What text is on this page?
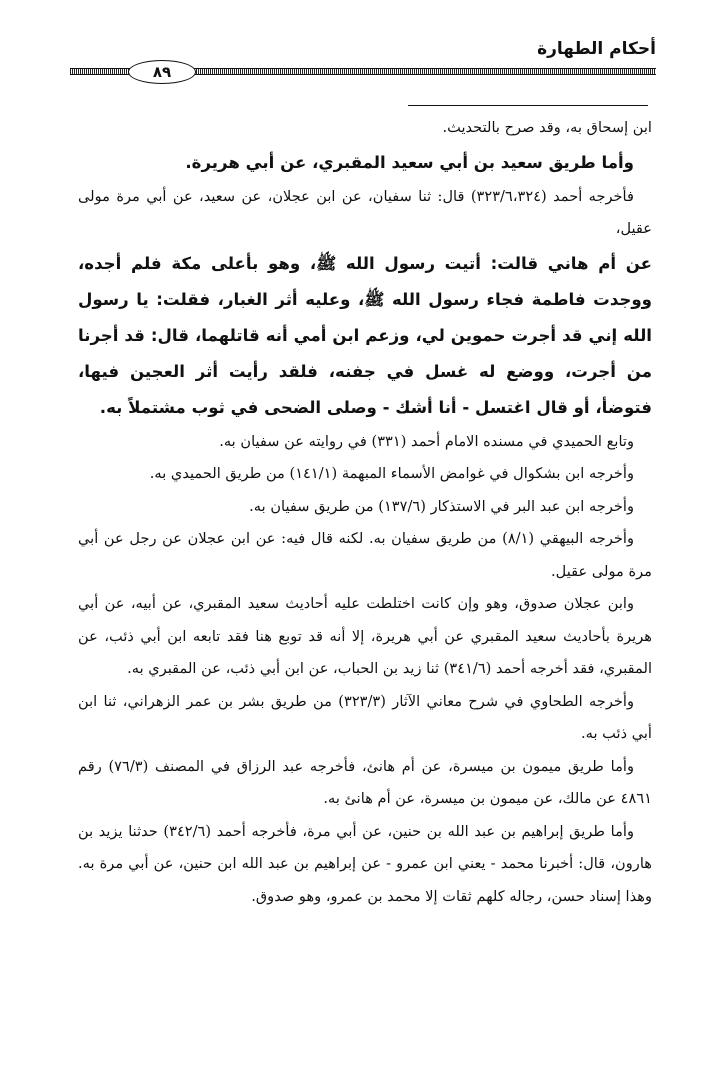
أحكام الطهارة
٨٩

ابن إسحاق به، وقد صرح بالتحديث.

وأما طريق سعيد بن أبي سعيد المقبري، عن أبي هريرة.

فأخرجه أحمد (٣٢٣/٦،٣٢٤) قال: ثنا سفيان، عن ابن عجلان، عن سعيد، عن أبي مرة مولى عقيل،

عن أم هاني قالت: أتيت رسول الله ﷺ، وهو بأعلى مكة فلم أجده، ووجدت فاطمة فجاء رسول الله ﷺ، وعليه أثر الغبار، فقلت: يا رسول الله إني قد أجرت حموين لي، وزعم ابن أمي أنه قاتلهما، قال: قد أجرنا من أجرت، ووضع له غسل في جفنه، فلقد رأيت أثر العجين فيها، فتوضأ، أو قال اغتسل - أنا أشك - وصلى الضحى في ثوب مشتملاً به.

وتابع الحميدي في مسنده الامام أحمد (٣٣١) في روايته عن سفيان به.

وأخرجه ابن بشكوال في غوامض الأسماء المبهمة (١٤١/١) من طريق الحميدي به.

وأخرجه ابن عبد البر في الاستذكار (١٣٧/٦) من طريق سفيان به.

وأخرجه البيهقي (٨/١) من طريق سفيان به. لكنه قال فيه: عن ابن عجلان عن رجل عن أبي مرة مولى عقيل.

وابن عجلان صدوق، وهو وإن كانت اختلطت عليه أحاديث سعيد المقبري، عن أبيه، عن أبي هريرة بأحاديث سعيد المقبري عن أبي هريرة، إلا أنه قد توبع هنا فقد تابعه ابن أبي ذئب، عن المقبري، فقد أخرجه أحمد (٣٤١/٦) ثنا زيد بن الحباب، عن ابن أبي ذئب، عن المقبري به.

وأخرجه الطحاوي في شرح معاني الآثار (٣٢٣/٣) من طريق بشر بن عمر الزهراني، ثنا ابن أبي ذئب به.

وأما طريق ميمون بن ميسرة، عن أم هانئ، فأخرجه عبد الرزاق في المصنف (٧٦/٣) رقم ٤٨٦١ عن مالك، عن ميمون بن ميسرة، عن أم هانئ به.

وأما طريق إبراهيم بن عبد الله بن حنين، عن أبي مرة، فأخرجه أحمد (٣٤٢/٦) حدثنا يزيد بن هارون، قال: أخبرنا محمد - يعني ابن عمرو - عن إبراهيم بن عبد الله ابن حنين، عن أبي مرة به. وهذا إسناد حسن، رجاله كلهم ثقات إلا محمد بن عمرو، وهو صدوق.
